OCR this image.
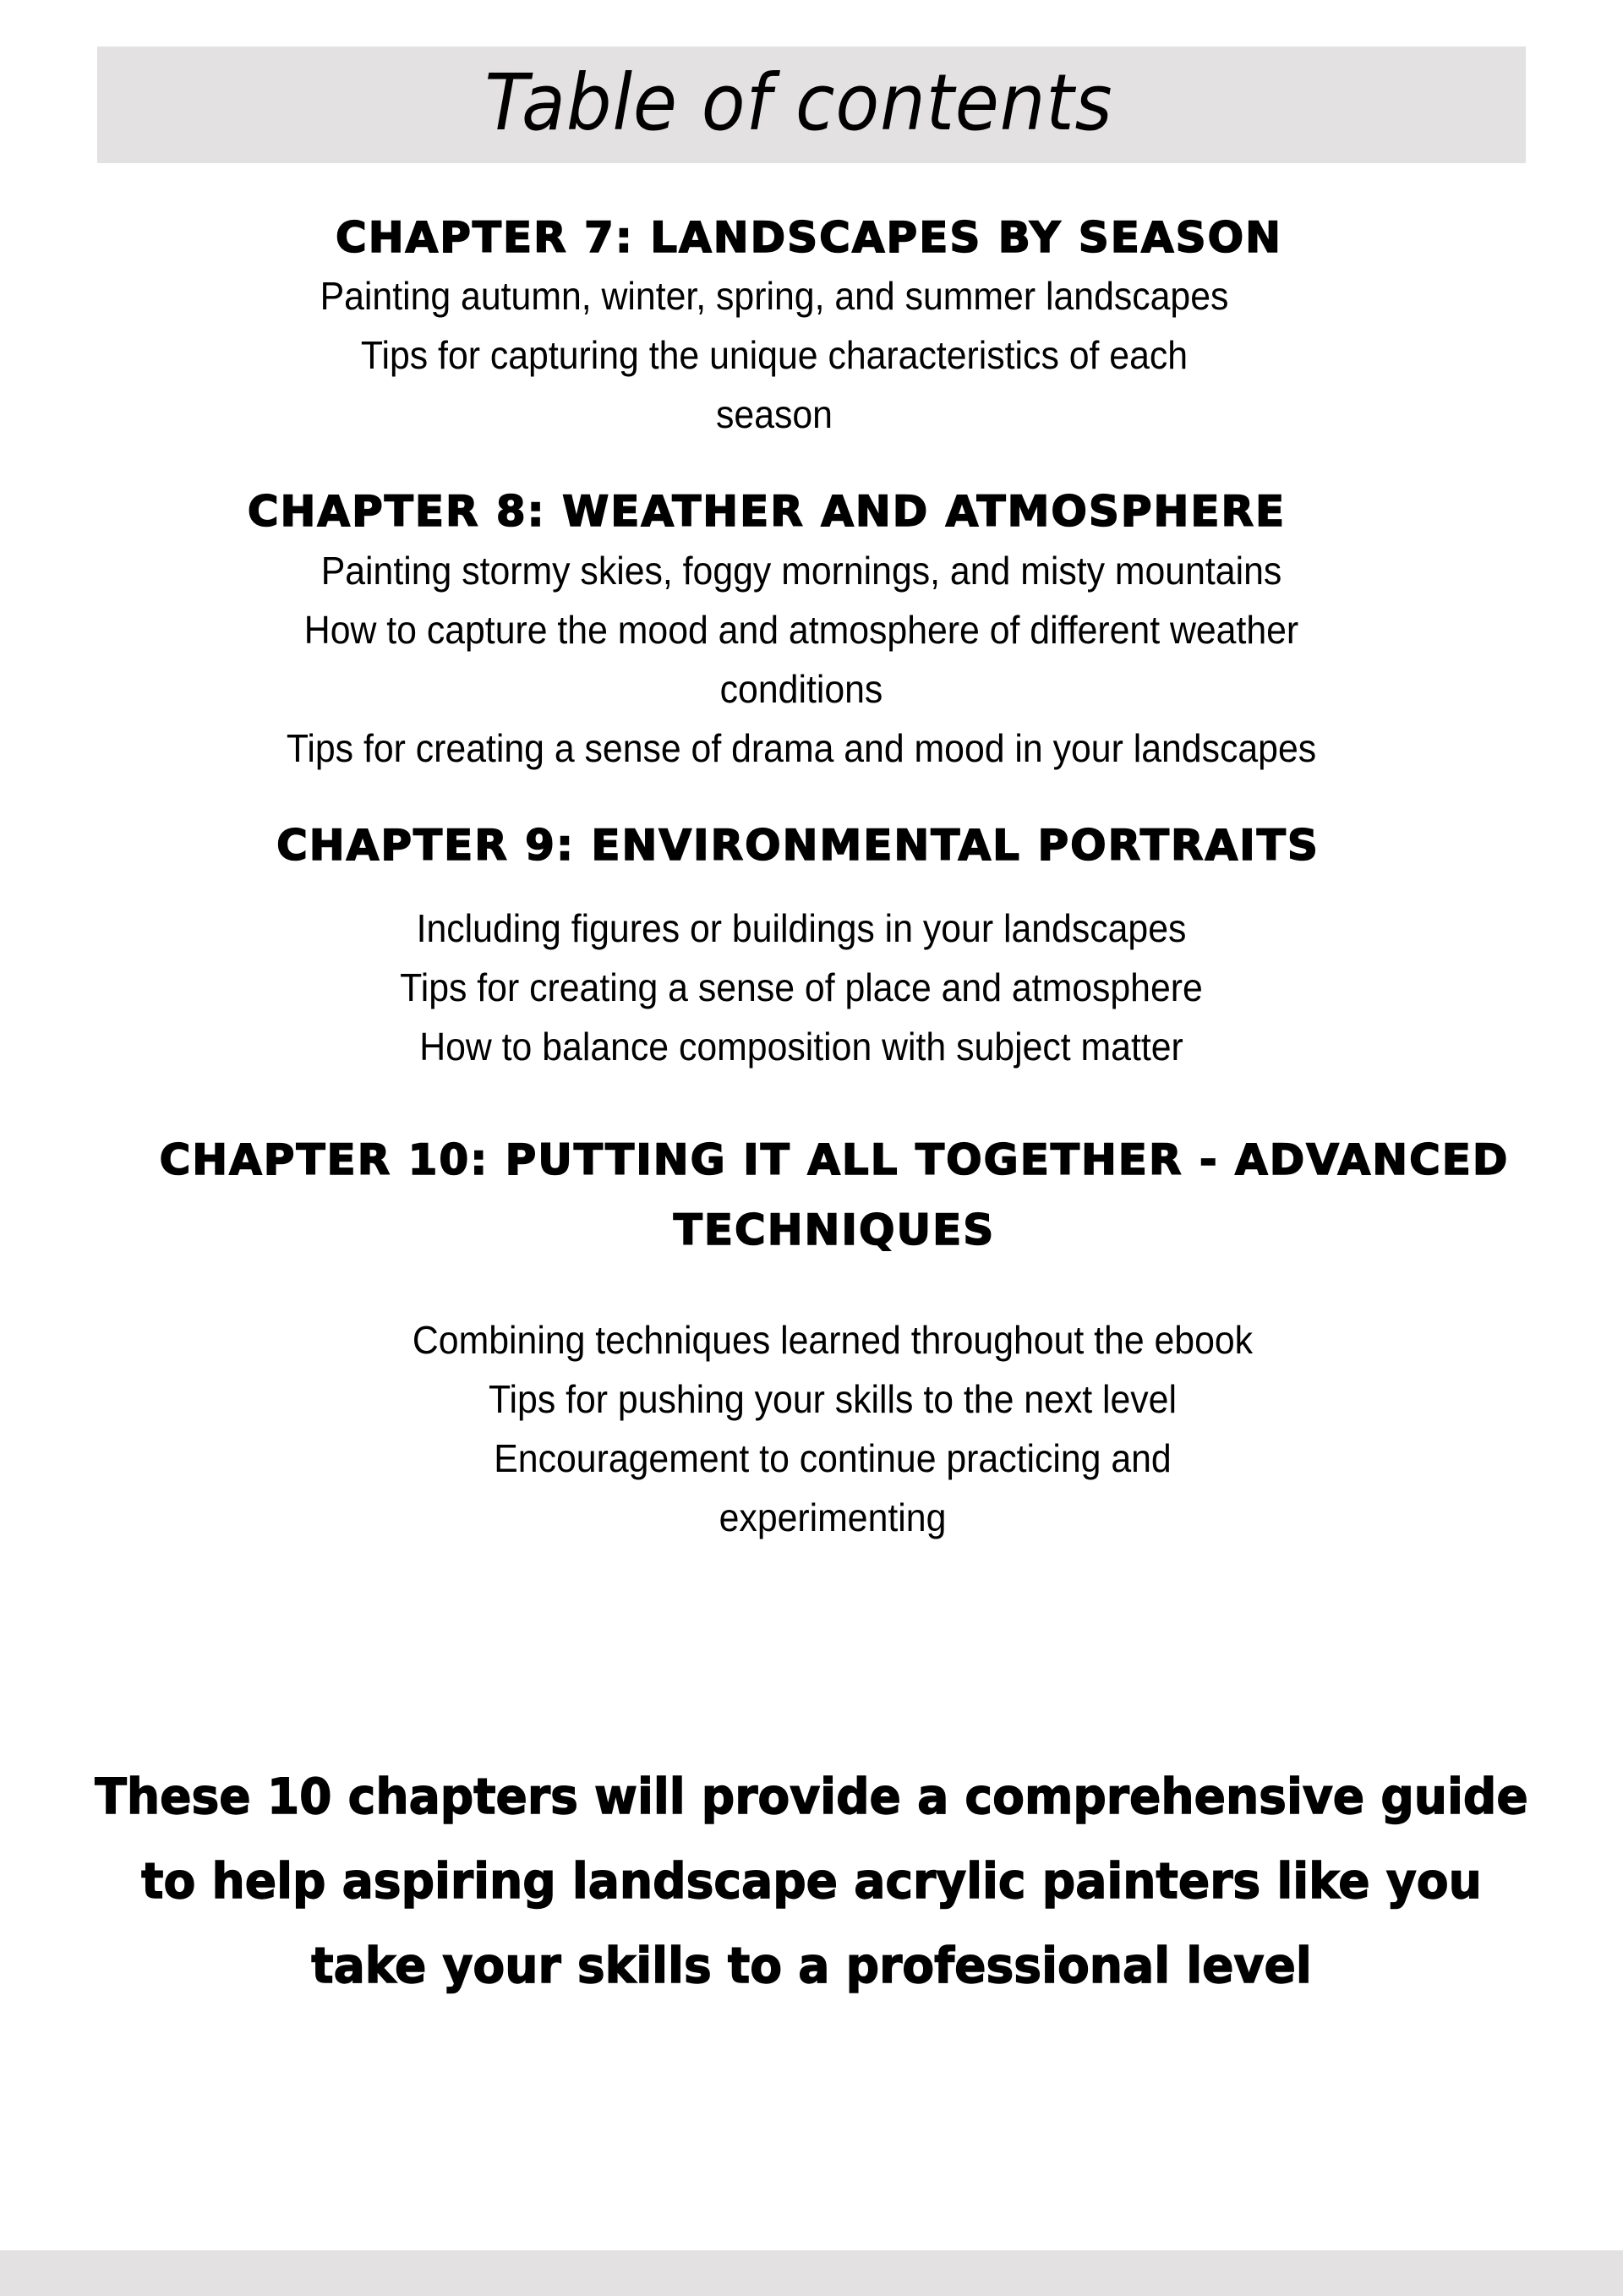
Table of contents
CHAPTER 7: LANDSCAPES BY SEASON
Painting autumn, winter, spring, and summer landscapes
Tips for capturing the unique characteristics of each
season
CHAPTER 8: WEATHER AND ATMOSPHERE
Painting stormy skies, foggy mornings, and misty mountains
How to capture the mood and atmosphere of different weather
conditions
Tips for creating a sense of drama and mood in your landscapes
CHAPTER 9: ENVIRONMENTAL PORTRAITS
Including figures or buildings in your landscapes
Tips for creating a sense of place and atmosphere
How to balance composition with subject matter
CHAPTER 10: PUTTING IT ALL TOGETHER - ADVANCED
TECHNIQUES
Combining techniques learned throughout the ebook
Tips for pushing your skills to the next level
Encouragement to continue practicing and
experimenting
These 10 chapters will provide a comprehensive guide
to help aspiring landscape acrylic painters like you
take your skills to a professional level
